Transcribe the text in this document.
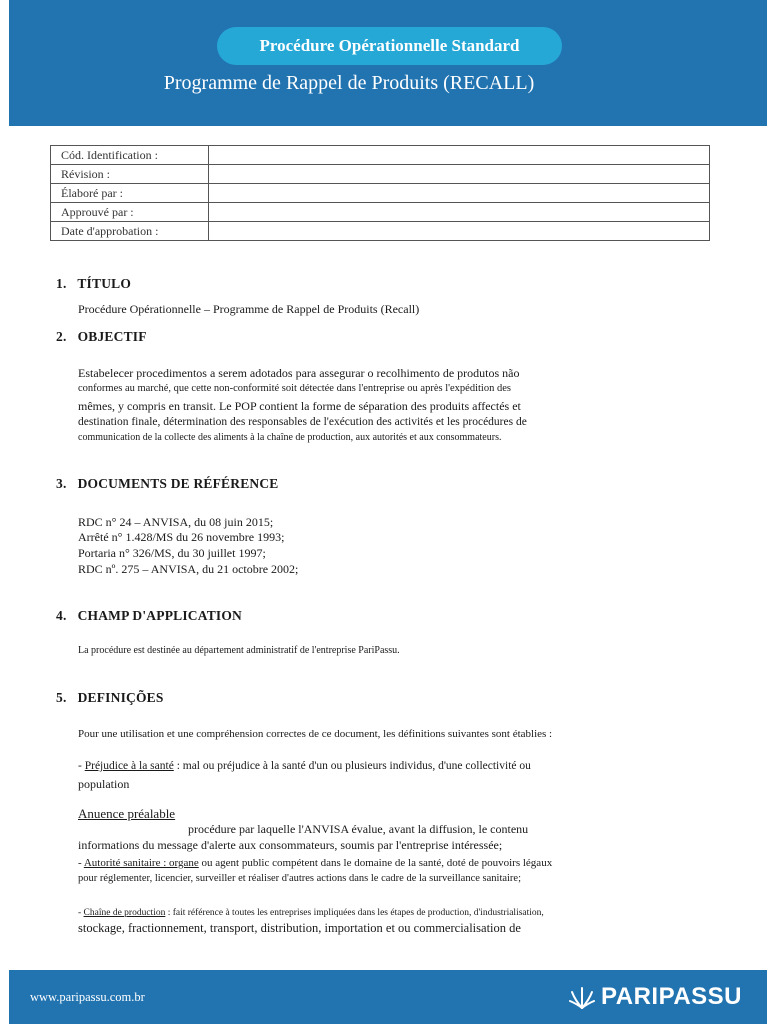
Procédure Opérationnelle Standard
Programme de Rappel de Produits (RECALL)
Cód. Identification :	
Révision :	
Élaboré par :	
Approuvé par :	
Date d'approbation :	
1. TÍTULO
Procédure Opérationnelle – Programme de Rappel de Produits (Recall)
2. OBJECTIF
Estabelecer procedimentos a serem adotados para assegurar o recolhimento de produtos não
conformes au marché, que cette non-conformité soit détectée dans l'entreprise ou après l'expédition des
mêmes, y compris en transit. Le POP contient la forme de séparation des produits affectés et
destination finale, détermination des responsables de l'exécution des activités et les procédures de
communication de la collecte des aliments à la chaîne de production, aux autorités et aux consommateurs.
3. DOCUMENTS DE RÉFÉRENCE
RDC n° 24 – ANVISA, du 08 juin 2015;
Arrêté n° 1.428/MS du 26 novembre 1993;
Portaria n° 326/MS, du 30 juillet 1997;
RDC nº. 275 – ANVISA, du 21 octobre 2002;
4. CHAMP D'APPLICATION
La procédure est destinée au département administratif de l'entreprise PariPassu.
5. DEFINIÇÕES
Pour une utilisation et une compréhension correctes de ce document, les définitions suivantes sont établies :
- Préjudice à la santé : mal ou préjudice à la santé d'un ou plusieurs individus, d'une collectivité ou
population
Anuence préalable
procédure par laquelle l'ANVISA évalue, avant la diffusion, le contenu
informations du message d'alerte aux consommateurs, soumis par l'entreprise intéressée;
- Autorité sanitaire : organe ou agent public compétent dans le domaine de la santé, doté de pouvoirs légaux
pour réglementer, licencier, surveiller et réaliser d'autres actions dans le cadre de la surveillance sanitaire;
- Chaîne de production : fait référence à toutes les entreprises impliquées dans les étapes de production, d'industrialisation,
stockage, fractionnement, transport, distribution, importation et ou commercialisation de
www.paripassu.com.br	PARIPASSU
